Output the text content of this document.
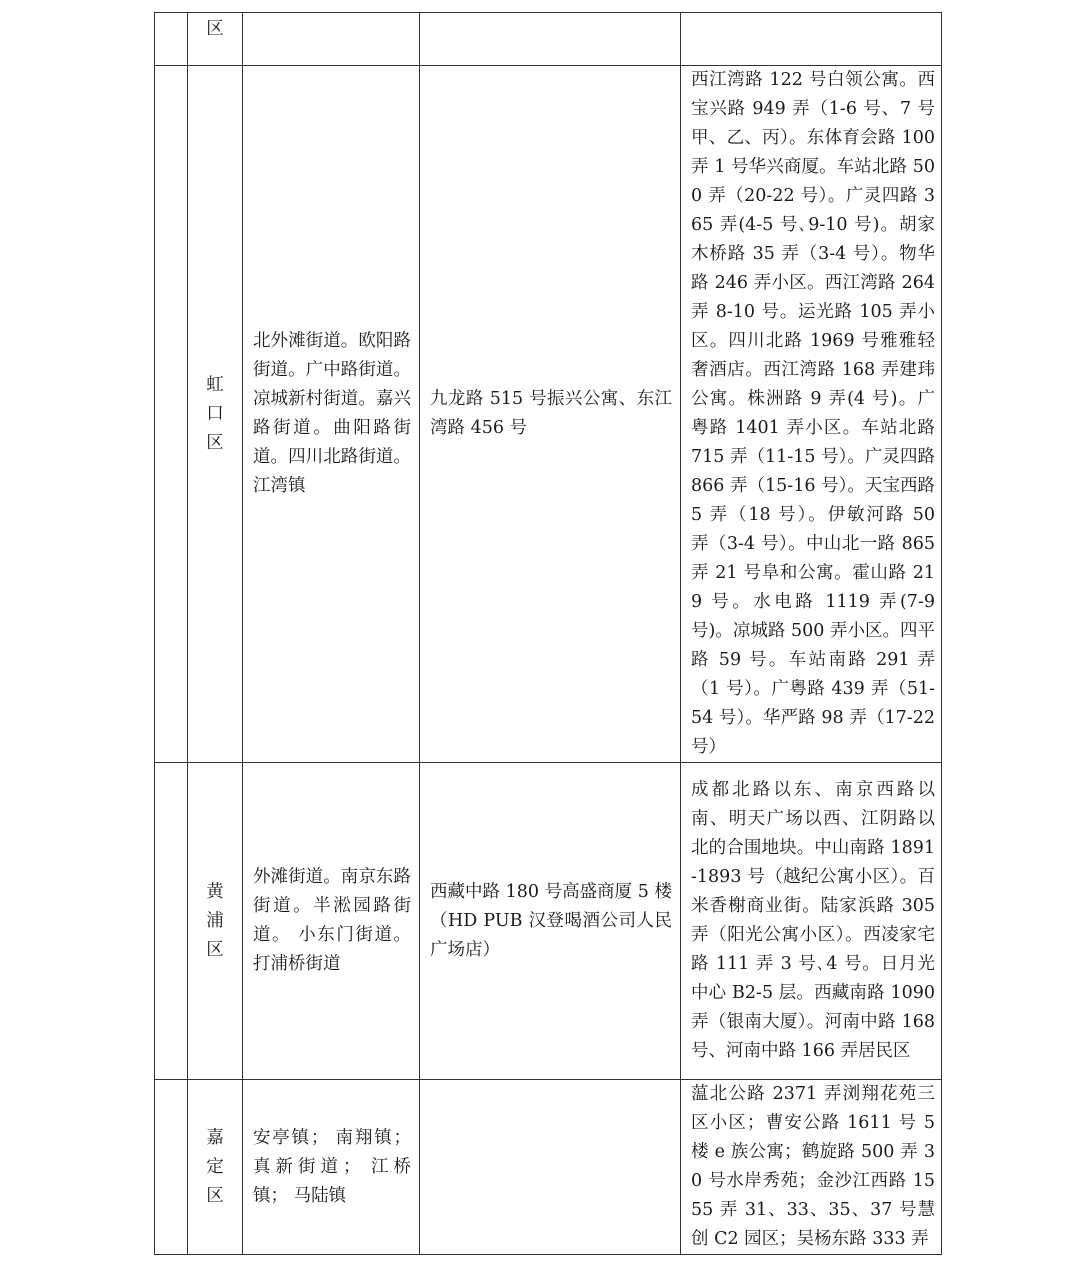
	区	

	虹口区	北外滩街道。欧阳路街道。广中路街道。凉城新村街道。嘉兴路街道。曲阳路街道。四川北路街道。 江湾镇	九龙路 515 号振兴公寓、东江湾路 456 号	西江湾路 122 号白领公寓。西宝兴路 949 弄（1-6 号、7 号甲、乙、丙）。东体育会路 100 弄 1 号华兴商厦。车站北路 500 弄（20-22 号）。广灵四路 365 弄(4-5 号､9-10 号)。胡家木桥路 35 弄（3-4 号）。物华路 246 弄小区。西江湾路 264 弄 8-10 号。运光路 105 弄小区。四川北路 1969 号雅雅轻奢酒店。西江湾路 168 弄建玮公寓。株洲路 9 弄(4 号)。广粤路 1401 弄小区。车站北路 715 弄（11-15 号）。广灵四路 866 弄（15-16 号）。天宝西路 5 弄（18 号）。伊敏河路 50 弄（3-4 号）。中山北一路 865 弄 21 号阜和公寓。霍山路 219 号。水电路 1119 弄(7-9 号)。凉城路 500 弄小区。四平路 59 号。车站南路 291 弄（1 号）。广粤路 439 弄（51-54 号）。华严路 98 弄（17-22 号）

	黄浦区	外滩街道。南京东路街道。半淞园路街道。 小东门街道。 打浦桥街道	西藏中路 180 号高盛商厦 5 楼（HD PUB 汉登喝酒公司人民广场店）	成都北路以东、南京西路以南、明天广场以西、江阴路以北的合围地块。中山南路 1891-1893 号（越纪公寓小区）。百米香榭商业街。陆家浜路 305 弄（阳光公寓小区）。西凌家宅路 111 弄 3 号､4 号。日月光中心 B2-5 层。西藏南路 1090 弄（银南大厦）。河南中路 168 号、河南中路 166 弄居民区

	嘉定区	安亭镇； 南翔镇；真新街道； 江桥镇； 马陆镇		蕰北公路 2371 弄浏翔花苑三区小区；曹安公路 1611 号 5 楼 e 族公寓；鹤旋路 500 弄 30 号水岸秀苑；金沙江西路 1555 弄 31、33、35、37 号慧创 C2 园区；吴杨东路 333 弄
